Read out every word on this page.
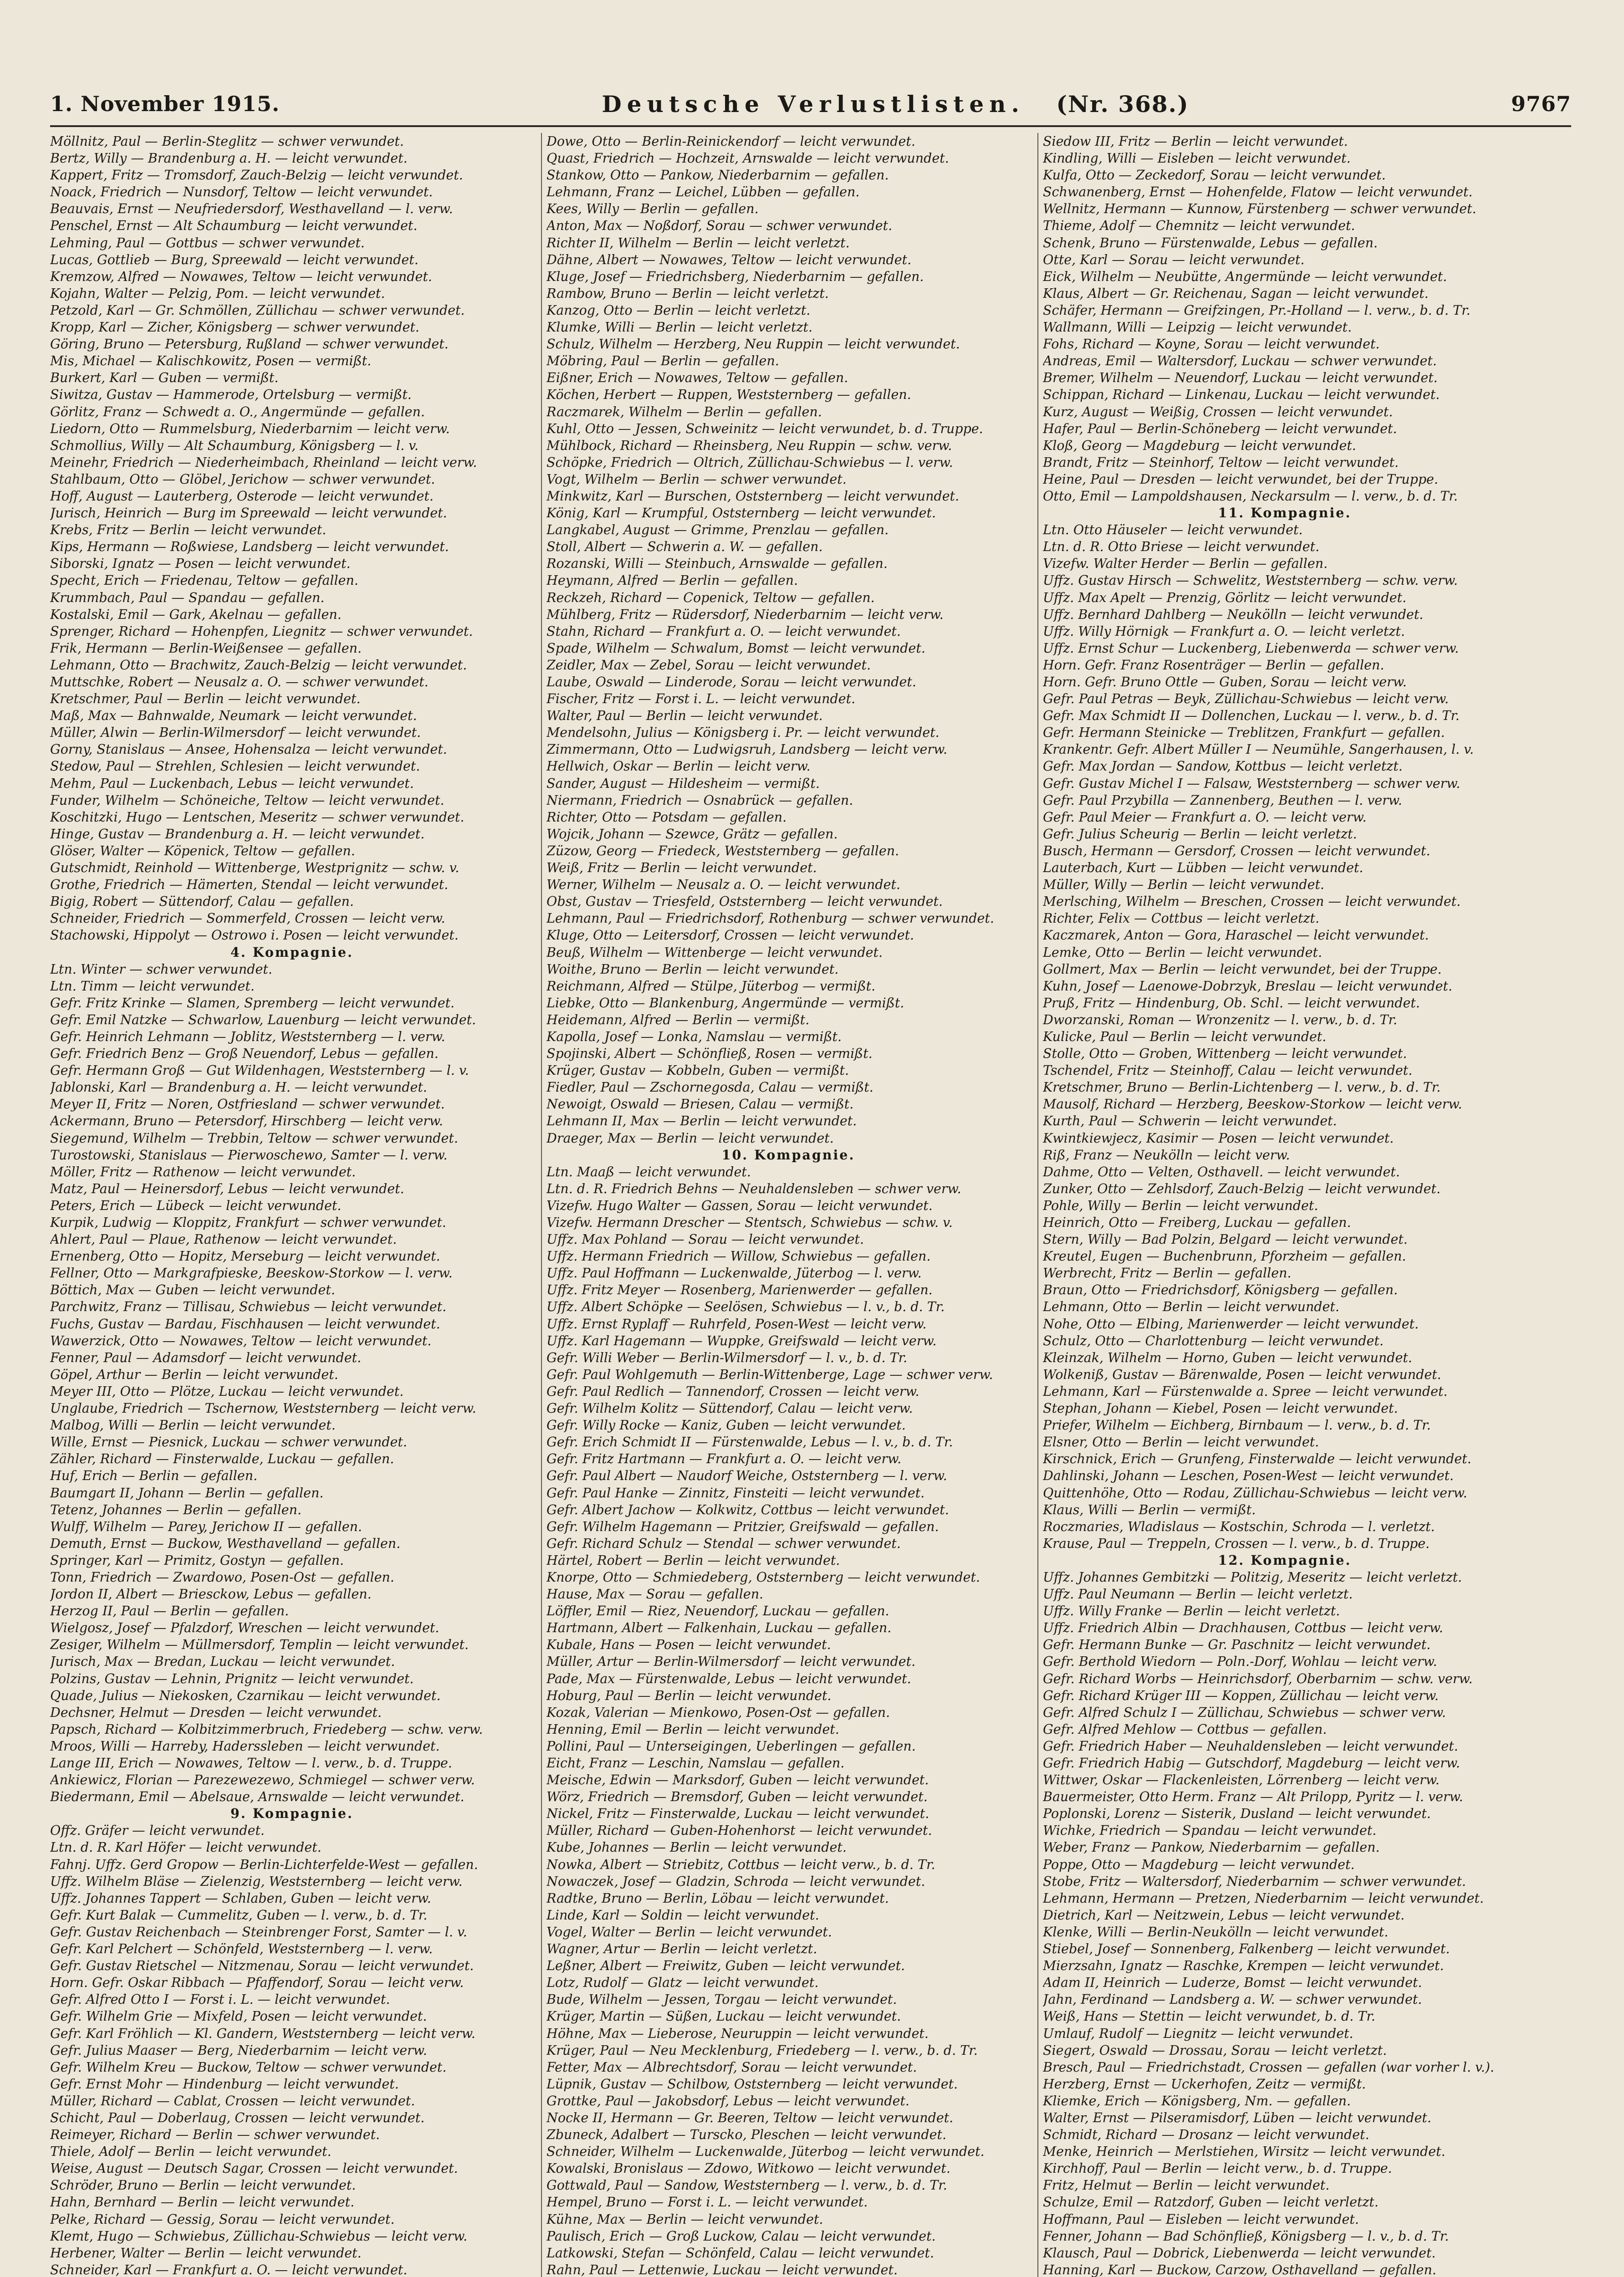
1. November 1915.	Deutsche Verlustlisten. (Nr. 368.)	9767
Möllnitz, Paul — Berlin-Steglitz — schwer verwundet.
Bertz, Willy — Brandenburg a. H. — leicht verwundet.
Kappert, Fritz — Tromsdorf, Zauch-Belzig — leicht verwundet.
Noack, Friedrich — Nunsdorf, Teltow — leicht verwundet.
Beauvais, Ernst — Neufriedersdorf, Westhavelland — l. verw.
Penschel, Ernst — Alt Schaumburg — leicht verwundet.
Lehming, Paul — Gottbus — schwer verwundet.
Lucas, Gottlieb — Burg, Spreewald — leicht verwundet.
Kremzow, Alfred — Nowawes, Teltow — leicht verwundet.
Kojahn, Walter — Pelzig, Pom. — leicht verwundet.
Petzold, Karl — Gr. Schmöllen, Züllichau — schwer verwundet.
Kropp, Karl — Zicher, Königsberg — schwer verwundet.
Göring, Bruno — Petersburg, Rußland — schwer verwundet.
Mis, Michael — Kalischkowitz, Posen — vermißt.
Burkert, Karl — Guben — vermißt.
Siwitza, Gustav — Hammerode, Ortelsburg — vermißt.
Görlitz, Franz — Schwedt a. O., Angermünde — gefallen.
Liedorn, Otto — Rummelsburg, Niederbarnim — leicht verw.
Schmollius, Willy — Alt Schaumburg, Königsberg — l. v.
Meinehr, Friedrich — Niederheimbach, Rheinland — leicht verw.
Stahlbaum, Otto — Glöbel, Jerichow — schwer verwundet.
Hoff, August — Lauterberg, Osterode — leicht verwundet.
Jurisch, Heinrich — Burg im Spreewald — leicht verwundet.
Krebs, Fritz — Berlin — leicht verwundet.
Kips, Hermann — Roßwiese, Landsberg — leicht verwundet.
Siborski, Ignatz — Posen — leicht verwundet.
Specht, Erich — Friedenau, Teltow — gefallen.
Krummbach, Paul — Spandau — gefallen.
Kostalski, Emil — Gark, Akelnau — gefallen.
Sprenger, Richard — Hohenpfen, Liegnitz — schwer verwundet.
Frik, Hermann — Berlin-Weißensee — gefallen.
Lehmann, Otto — Brachwitz, Zauch-Belzig — leicht verwundet.
Muttschke, Robert — Neusalz a. O. — schwer verwundet.
Kretschmer, Paul — Berlin — leicht verwundet.
Maß, Max — Bahnwalde, Neumark — leicht verwundet.
Müller, Alwin — Berlin-Wilmersdorf — leicht verwundet.
Gorny, Stanislaus — Ansee, Hohensalza — leicht verwundet.
Stedow, Paul — Strehlen, Schlesien — leicht verwundet.
Mehm, Paul — Luckenbach, Lebus — leicht verwundet.
Funder, Wilhelm — Schöneiche, Teltow — leicht verwundet.
Koschitzki, Hugo — Lentschen, Meseritz — schwer verwundet.
Hinge, Gustav — Brandenburg a. H. — leicht verwundet.
Glöser, Walter — Köpenick, Teltow — gefallen.
Gutschmidt, Reinhold — Wittenberge, Westprignitz — schw. v.
Grothe, Friedrich — Hämerten, Stendal — leicht verwundet.
Bigig, Robert — Süttendorf, Calau — gefallen.
Schneider, Friedrich — Sommerfeld, Crossen — leicht verw.
Stachowski, Hippolyt — Ostrowo i. Posen — leicht verwundet.
4. Kompagnie.
Ltn. Winter — schwer verwundet.
Ltn. Timm — leicht verwundet.
Gefr. Fritz Krinke — Slamen, Spremberg — leicht verwundet.
Gefr. Emil Natzke — Schwarlow, Lauenburg — leicht verwundet.
Gefr. Heinrich Lehmann — Joblitz, Weststernberg — l. verw.
Gefr. Friedrich Benz — Groß Neuendorf, Lebus — gefallen.
Gefr. Hermann Groß — Gut Wildenhagen, Weststernberg — l. v.
Jablonski, Karl — Brandenburg a. H. — leicht verwundet.
Meyer II, Fritz — Noren, Ostfriesland — schwer verwundet.
Ackermann, Bruno — Petersdorf, Hirschberg — leicht verw.
Siegemund, Wilhelm — Trebbin, Teltow — schwer verwundet.
Turostowski, Stanislaus — Pierwoschewo, Samter — l. verw.
Möller, Fritz — Rathenow — leicht verwundet.
Matz, Paul — Heinersdorf, Lebus — leicht verwundet.
Peters, Erich — Lübeck — leicht verwundet.
Kurpik, Ludwig — Kloppitz, Frankfurt — schwer verwundet.
Ahlert, Paul — Plaue, Rathenow — leicht verwundet.
Ernenberg, Otto — Hopitz, Merseburg — leicht verwundet.
Fellner, Otto — Markgrafpieske, Beeskow-Storkow — l. verw.
Böttich, Max — Guben — leicht verwundet.
Parchwitz, Franz — Tillisau, Schwiebus — leicht verwundet.
Fuchs, Gustav — Bardau, Fischhausen — leicht verwundet.
Wawerzick, Otto — Nowawes, Teltow — leicht verwundet.
Fenner, Paul — Adamsdorf — leicht verwundet.
Göpel, Arthur — Berlin — leicht verwundet.
Meyer III, Otto — Plötze, Luckau — leicht verwundet.
Unglaube, Friedrich — Tschernow, Weststernberg — leicht verw.
Malbog, Willi — Berlin — leicht verwundet.
Wille, Ernst — Piesnick, Luckau — schwer verwundet.
Zähler, Richard — Finsterwalde, Luckau — gefallen.
Huf, Erich — Berlin — gefallen.
Baumgart II, Johann — Berlin — gefallen.
Tetenz, Johannes — Berlin — gefallen.
Wulff, Wilhelm — Parey, Jerichow II — gefallen.
Demuth, Ernst — Buckow, Westhavelland — gefallen.
Springer, Karl — Primitz, Gostyn — gefallen.
Tonn, Friedrich — Zwardowo, Posen-Ost — gefallen.
Jordon II, Albert — Briesckow, Lebus — gefallen.
Herzog II, Paul — Berlin — gefallen.
Wielgosz, Josef — Pfalzdorf, Wreschen — leicht verwundet.
Zesiger, Wilhelm — Müllmersdorf, Templin — leicht verwundet.
Jurisch, Max — Bredan, Luckau — leicht verwundet.
Polzins, Gustav — Lehnin, Prignitz — leicht verwundet.
Quade, Julius — Niekosken, Czarnikau — leicht verwundet.
Dechsner, Helmut — Dresden — leicht verwundet.
Papsch, Richard — Kolbitzimmerbruch, Friedeberg — schw. verw.
Mroos, Willi — Harreby, Haderssleben — leicht verwundet.
Lange III, Erich — Nowawes, Teltow — l. verw., b. d. Truppe.
Ankiewicz, Florian — Parezewezewo, Schmiegel — schwer verw.
Biedermann, Emil — Abelsaue, Arnswalde — leicht verwundet.
9. Kompagnie.
Offz. Gräfer — leicht verwundet.
Ltn. d. R. Karl Höfer — leicht verwundet.
Fahnj. Uffz. Gerd Gropow — Berlin-Lichterfelde-West — gefallen.
Uffz. Wilhelm Bläse — Zielenzig, Weststernberg — leicht verw.
Uffz. Johannes Tappert — Schlaben, Guben — leicht verw.
Gefr. Kurt Balak — Cummelitz, Guben — l. verw., b. d. Tr.
Gefr. Gustav Reichenbach — Steinbrenger Forst, Samter — l. v.
Gefr. Karl Pelchert — Schönfeld, Weststernberg — l. verw.
Gefr. Gustav Rietschel — Nitzmenau, Sorau — leicht verwundet.
Horn. Gefr. Oskar Ribbach — Pfaffendorf, Sorau — leicht verw.
Gefr. Alfred Otto I — Forst i. L. — leicht verwundet.
Gefr. Wilhelm Grie — Mixfeld, Posen — leicht verwundet.
Gefr. Karl Fröhlich — Kl. Gandern, Weststernberg — leicht verw.
Gefr. Julius Maaser — Berg, Niederbarnim — leicht verw.
Gefr. Wilhelm Kreu — Buckow, Teltow — schwer verwundet.
Gefr. Ernst Mohr — Hindenburg — leicht verwundet.
Müller, Richard — Cablat, Crossen — leicht verwundet.
Schicht, Paul — Doberlaug, Crossen — leicht verwundet.
Reimeyer, Richard — Berlin — schwer verwundet.
Thiele, Adolf — Berlin — leicht verwundet.
Weise, August — Deutsch Sagar, Crossen — leicht verwundet.
Schröder, Bruno — Berlin — leicht verwundet.
Hahn, Bernhard — Berlin — leicht verwundet.
Pelke, Richard — Gessig, Sorau — leicht verwundet.
Klemt, Hugo — Schwiebus, Züllichau-Schwiebus — leicht verw.
Herbener, Walter — Berlin — leicht verwundet.
Schneider, Karl — Frankfurt a. O. — leicht verwundet.
Dowe, Otto — Berlin-Reinickendorf — leicht verwundet.
Quast, Friedrich — Hochzeit, Arnswalde — leicht verwundet.
Stankow, Otto — Pankow, Niederbarnim — gefallen.
Lehmann, Franz — Leichel, Lübben — gefallen.
Kees, Willy — Berlin — gefallen.
Anton, Max — Noßdorf, Sorau — schwer verwundet.
Richter II, Wilhelm — Berlin — leicht verletzt.
Dähne, Albert — Nowawes, Teltow — leicht verwundet.
Kluge, Josef — Friedrichsberg, Niederbarnim — gefallen.
Rambow, Bruno — Berlin — leicht verletzt.
Kanzog, Otto — Berlin — leicht verletzt.
Klumke, Willi — Berlin — leicht verletzt.
Schulz, Wilhelm — Herzberg, Neu Ruppin — leicht verwundet.
Möbring, Paul — Berlin — gefallen.
Eißner, Erich — Nowawes, Teltow — gefallen.
Köchen, Herbert — Ruppen, Weststernberg — gefallen.
Raczmarek, Wilhelm — Berlin — gefallen.
Kuhl, Otto — Jessen, Schweinitz — leicht verwundet, b. d. Truppe.
Mühlbock, Richard — Rheinsberg, Neu Ruppin — schw. verw.
Schöpke, Friedrich — Oltrich, Züllichau-Schwiebus — l. verw.
Vogt, Wilhelm — Berlin — schwer verwundet.
Minkwitz, Karl — Burschen, Oststernberg — leicht verwundet.
König, Karl — Krumpful, Oststernberg — leicht verwundet.
Langkabel, August — Grimme, Prenzlau — gefallen.
Stoll, Albert — Schwerin a. W. — gefallen.
Rozanski, Willi — Steinbuch, Arnswalde — gefallen.
Heymann, Alfred — Berlin — gefallen.
Reckzeh, Richard — Copenick, Teltow — gefallen.
Mühlberg, Fritz — Rüdersdorf, Niederbarnim — leicht verw.
Stahn, Richard — Frankfurt a. O. — leicht verwundet.
Spade, Wilhelm — Schwalum, Bomst — leicht verwundet.
Zeidler, Max — Zebel, Sorau — leicht verwundet.
Laube, Oswald — Linderode, Sorau — leicht verwundet.
Fischer, Fritz — Forst i. L. — leicht verwundet.
Walter, Paul — Berlin — leicht verwundet.
Mendelsohn, Julius — Königsberg i. Pr. — leicht verwundet.
Zimmermann, Otto — Ludwigsruh, Landsberg — leicht verw.
Hellwich, Oskar — Berlin — leicht verw.
Sander, August — Hildesheim — vermißt.
Niermann, Friedrich — Osnabrück — gefallen.
Richter, Otto — Potsdam — gefallen.
Wojcik, Johann — Szewce, Grätz — gefallen.
Züzow, Georg — Friedeck, Weststernberg — gefallen.
Weiß, Fritz — Berlin — leicht verwundet.
Werner, Wilhelm — Neusalz a. O. — leicht verwundet.
Obst, Gustav — Triesfeld, Oststernberg — leicht verwundet.
Lehmann, Paul — Friedrichsdorf, Rothenburg — schwer verwundet.
Kluge, Otto — Leitersdorf, Crossen — leicht verwundet.
Beuß, Wilhelm — Wittenberge — leicht verwundet.
Woithe, Bruno — Berlin — leicht verwundet.
Reichmann, Alfred — Stülpe, Jüterbog — vermißt.
Liebke, Otto — Blankenburg, Angermünde — vermißt.
Heidemann, Alfred — Berlin — vermißt.
Kapolla, Josef — Lonka, Namslau — vermißt.
Spojinski, Albert — Schönfließ, Rosen — vermißt.
Krüger, Gustav — Kobbeln, Guben — vermißt.
Fiedler, Paul — Zschornegosda, Calau — vermißt.
Newoigt, Oswald — Briesen, Calau — vermißt.
Lehmann II, Max — Berlin — leicht verwundet.
Draeger, Max — Berlin — leicht verwundet.
10. Kompagnie.
Ltn. Maaß — leicht verwundet.
Ltn. d. R. Friedrich Behns — Neuhaldensleben — schwer verw.
Vizefw. Hugo Walter — Gassen, Sorau — leicht verwundet.
Vizefw. Hermann Drescher — Stentsch, Schwiebus — schw. v.
Uffz. Max Pohland — Sorau — leicht verwundet.
Uffz. Hermann Friedrich — Willow, Schwiebus — gefallen.
Uffz. Paul Hoffmann — Luckenwalde, Jüterbog — l. verw.
Uffz. Fritz Meyer — Rosenberg, Marienwerder — gefallen.
Uffz. Albert Schöpke — Seelösen, Schwiebus — l. v., b. d. Tr.
Uffz. Ernst Ryplaff — Ruhrfeld, Posen-West — leicht verw.
Uffz. Karl Hagemann — Wuppke, Greifswald — leicht verw.
Gefr. Willi Weber — Berlin-Wilmersdorf — l. v., b. d. Tr.
Gefr. Paul Wohlgemuth — Berlin-Wittenberge, Lage — schwer verw.
Gefr. Paul Redlich — Tannendorf, Crossen — leicht verw.
Gefr. Wilhelm Kolitz — Süttendorf, Calau — leicht verw.
Gefr. Willy Rocke — Kaniz, Guben — leicht verwundet.
Gefr. Erich Schmidt II — Fürstenwalde, Lebus — l. v., b. d. Tr.
Gefr. Fritz Hartmann — Frankfurt a. O. — leicht verw.
Gefr. Paul Albert — Naudorf Weiche, Oststernberg — l. verw.
Gefr. Paul Hanke — Zinnitz, Finsteiti — leicht verwundet.
Gefr. Albert Jachow — Kolkwitz, Cottbus — leicht verwundet.
Gefr. Wilhelm Hagemann — Pritzier, Greifswald — gefallen.
Gefr. Richard Schulz — Stendal — schwer verwundet.
Härtel, Robert — Berlin — leicht verwundet.
Knorpe, Otto — Schmiedeberg, Oststernberg — leicht verwundet.
Hause, Max — Sorau — gefallen.
Löffler, Emil — Riez, Neuendorf, Luckau — gefallen.
Hartmann, Albert — Falkenhain, Luckau — gefallen.
Kubale, Hans — Posen — leicht verwundet.
Müller, Artur — Berlin-Wilmersdorf — leicht verwundet.
Pade, Max — Fürstenwalde, Lebus — leicht verwundet.
Hoburg, Paul — Berlin — leicht verwundet.
Kozak, Valerian — Mienkowo, Posen-Ost — gefallen.
Henning, Emil — Berlin — leicht verwundet.
Pollini, Paul — Unterseigingen, Ueberlingen — gefallen.
Eicht, Franz — Leschin, Namslau — gefallen.
Meische, Edwin — Marksdorf, Guben — leicht verwundet.
Wörz, Friedrich — Bremsdorf, Guben — leicht verwundet.
Nickel, Fritz — Finsterwalde, Luckau — leicht verwundet.
Müller, Richard — Guben-Hohenhorst — leicht verwundet.
Kube, Johannes — Berlin — leicht verwundet.
Nowka, Albert — Striebitz, Cottbus — leicht verw., b. d. Tr.
Nowaczek, Josef — Gladzin, Schroda — leicht verwundet.
Radtke, Bruno — Berlin, Löbau — leicht verwundet.
Linde, Karl — Soldin — leicht verwundet.
Vogel, Walter — Berlin — leicht verwundet.
Wagner, Artur — Berlin — leicht verletzt.
Leßner, Albert — Freiwitz, Guben — leicht verwundet.
Lotz, Rudolf — Glatz — leicht verwundet.
Bude, Wilhelm — Jessen, Torgau — leicht verwundet.
Krüger, Martin — Süßen, Luckau — leicht verwundet.
Höhne, Max — Lieberose, Neuruppin — leicht verwundet.
Krüger, Paul — Neu Mecklenburg, Friedeberg — l. verw., b. d. Tr.
Fetter, Max — Albrechtsdorf, Sorau — leicht verwundet.
Lüpnik, Gustav — Schilbow, Oststernberg — leicht verwundet.
Grottke, Paul — Jakobsdorf, Lebus — leicht verwundet.
Nocke II, Hermann — Gr. Beeren, Teltow — leicht verwundet.
Zbuneck, Adalbert — Turscko, Pleschen — leicht verwundet.
Schneider, Wilhelm — Luckenwalde, Jüterbog — leicht verwundet.
Kowalski, Bronislaus — Zdowo, Witkowo — leicht verwundet.
Gottwald, Paul — Sandow, Weststernberg — l. verw., b. d. Tr.
Hempel, Bruno — Forst i. L. — leicht verwundet.
Kühne, Max — Berlin — leicht verwundet.
Paulisch, Erich — Groß Luckow, Calau — leicht verwundet.
Latkowski, Stefan — Schönfeld, Calau — leicht verwundet.
Rahn, Paul — Lettenwie, Luckau — leicht verwundet.
Siedow III, Fritz — Berlin — leicht verwundet.
Kindling, Willi — Eisleben — leicht verwundet.
Kulfa, Otto — Zeckedorf, Sorau — leicht verwundet.
Schwanenberg, Ernst — Hohenfelde, Flatow — leicht verwundet.
Wellnitz, Hermann — Kunnow, Fürstenberg — schwer verwundet.
Thieme, Adolf — Chemnitz — leicht verwundet.
Schenk, Bruno — Fürstenwalde, Lebus — gefallen.
Otte, Karl — Sorau — leicht verwundet.
Eick, Wilhelm — Neubütte, Angermünde — leicht verwundet.
Klaus, Albert — Gr. Reichenau, Sagan — leicht verwundet.
Schäfer, Hermann — Greifzingen, Pr.-Holland — l. verw., b. d. Tr.
Wallmann, Willi — Leipzig — leicht verwundet.
Fohs, Richard — Koyne, Sorau — leicht verwundet.
Andreas, Emil — Waltersdorf, Luckau — schwer verwundet.
Bremer, Wilhelm — Neuendorf, Luckau — leicht verwundet.
Schippan, Richard — Linkenau, Luckau — leicht verwundet.
Kurz, August — Weißig, Crossen — leicht verwundet.
Hafer, Paul — Berlin-Schöneberg — leicht verwundet.
Kloß, Georg — Magdeburg — leicht verwundet.
Brandt, Fritz — Steinhorf, Teltow — leicht verwundet.
Heine, Paul — Dresden — leicht verwundet, bei der Truppe.
Otto, Emil — Lampoldshausen, Neckarsulm — l. verw., b. d. Tr.
11. Kompagnie.
Ltn. Otto Häuseler — leicht verwundet.
Ltn. d. R. Otto Briese — leicht verwundet.
Vizefw. Walter Herder — Berlin — gefallen.
Uffz. Gustav Hirsch — Schwelitz, Weststernberg — schw. verw.
Uffz. Max Apelt — Prenzig, Görlitz — leicht verwundet.
Uffz. Bernhard Dahlberg — Neukölln — leicht verwundet.
Uffz. Willy Hörnigk — Frankfurt a. O. — leicht verletzt.
Uffz. Ernst Schur — Luckenberg, Liebenwerda — schwer verw.
Horn. Gefr. Franz Rosenträger — Berlin — gefallen.
Horn. Gefr. Bruno Ottle — Guben, Sorau — leicht verw.
Gefr. Paul Petras — Beyk, Züllichau-Schwiebus — leicht verw.
Gefr. Max Schmidt II — Dollenchen, Luckau — l. verw., b. d. Tr.
Gefr. Hermann Steinicke — Treblitzen, Frankfurt — gefallen.
Krankentr. Gefr. Albert Müller I — Neumühle, Sangerhausen, l. v.
Gefr. Max Jordan — Sandow, Kottbus — leicht verletzt.
Gefr. Gustav Michel I — Falsaw, Weststernberg — schwer verw.
Gefr. Paul Przybilla — Zannenberg, Beuthen — l. verw.
Gefr. Paul Meier — Frankfurt a. O. — leicht verw.
Gefr. Julius Scheurig — Berlin — leicht verletzt.
Busch, Hermann — Gersdorf, Crossen — leicht verwundet.
Lauterbach, Kurt — Lübben — leicht verwundet.
Müller, Willy — Berlin — leicht verwundet.
Merlsching, Wilhelm — Breschen, Crossen — leicht verwundet.
Richter, Felix — Cottbus — leicht verletzt.
Kaczmarek, Anton — Gora, Haraschel — leicht verwundet.
Lemke, Otto — Berlin — leicht verwundet.
Gollmert, Max — Berlin — leicht verwundet, bei der Truppe.
Kuhn, Josef — Laenowe-Dobrzyk, Breslau — leicht verwundet.
Pruß, Fritz — Hindenburg, Ob. Schl. — leicht verwundet.
Dworzanski, Roman — Wronzenitz — l. verw., b. d. Tr.
Kulicke, Paul — Berlin — leicht verwundet.
Stolle, Otto — Groben, Wittenberg — leicht verwundet.
Tschendel, Fritz — Steinhoff, Calau — leicht verwundet.
Kretschmer, Bruno — Berlin-Lichtenberg — l. verw., b. d. Tr.
Mausolf, Richard — Herzberg, Beeskow-Storkow — leicht verw.
Kurth, Paul — Schwerin — leicht verwundet.
Kwintkiewjecz, Kasimir — Posen — leicht verwundet.
Riß, Franz — Neukölln — leicht verw.
Dahme, Otto — Velten, Osthavell. — leicht verwundet.
Zunker, Otto — Zehlsdorf, Zauch-Belzig — leicht verwundet.
Pohle, Willy — Berlin — leicht verwundet.
Heinrich, Otto — Freiberg, Luckau — gefallen.
Stern, Willy — Bad Polzin, Belgard — leicht verwundet.
Kreutel, Eugen — Buchenbrunn, Pforzheim — gefallen.
Werbrecht, Fritz — Berlin — gefallen.
Braun, Otto — Friedrichsdorf, Königsberg — gefallen.
Lehmann, Otto — Berlin — leicht verwundet.
Nohe, Otto — Elbing, Marienwerder — leicht verwundet.
Schulz, Otto — Charlottenburg — leicht verwundet.
Kleinzak, Wilhelm — Horno, Guben — leicht verwundet.
Wolkeniß, Gustav — Bärenwalde, Posen — leicht verwundet.
Lehmann, Karl — Fürstenwalde a. Spree — leicht verwundet.
Stephan, Johann — Kiebel, Posen — leicht verwundet.
Priefer, Wilhelm — Eichberg, Birnbaum — l. verw., b. d. Tr.
Elsner, Otto — Berlin — leicht verwundet.
Kirschnick, Erich — Grunfeng, Finsterwalde — leicht verwundet.
Dahlinski, Johann — Leschen, Posen-West — leicht verwundet.
Quittenhöhe, Otto — Rodau, Züllichau-Schwiebus — leicht verw.
Klaus, Willi — Berlin — vermißt.
Roczmaries, Wladislaus — Kostschin, Schroda — l. verletzt.
Krause, Paul — Treppeln, Crossen — l. verw., b. d. Truppe.
12. Kompagnie.
Uffz. Johannes Gembitzki — Politzig, Meseritz — leicht verletzt.
Uffz. Paul Neumann — Berlin — leicht verletzt.
Uffz. Willy Franke — Berlin — leicht verletzt.
Uffz. Friedrich Albin — Drachhausen, Cottbus — leicht verw.
Gefr. Hermann Bunke — Gr. Paschnitz — leicht verwundet.
Gefr. Berthold Wiedorn — Poln.-Dorf, Wohlau — leicht verw.
Gefr. Richard Worbs — Heinrichsdorf, Oberbarnim — schw. verw.
Gefr. Richard Krüger III — Koppen, Züllichau — leicht verw.
Gefr. Alfred Schulz I — Züllichau, Schwiebus — schwer verw.
Gefr. Alfred Mehlow — Cottbus — gefallen.
Gefr. Friedrich Haber — Neuhaldensleben — leicht verwundet.
Gefr. Friedrich Habig — Gutschdorf, Magdeburg — leicht verw.
Wittwer, Oskar — Flackenleisten, Lörrenberg — leicht verw.
Bauermeister, Otto Herm. Franz — Alt Prilopp, Pyritz — l. verw.
Poplonski, Lorenz — Sisterik, Dusland — leicht verwundet.
Wichke, Friedrich — Spandau — leicht verwundet.
Weber, Franz — Pankow, Niederbarnim — gefallen.
Poppe, Otto — Magdeburg — leicht verwundet.
Stobe, Fritz — Waltersdorf, Niederbarnim — schwer verwundet.
Lehmann, Hermann — Pretzen, Niederbarnim — leicht verwundet.
Dietrich, Karl — Neitzwein, Lebus — leicht verwundet.
Klenke, Willi — Berlin-Neukölln — leicht verwundet.
Stiebel, Josef — Sonnenberg, Falkenberg — leicht verwundet.
Mierzsahn, Ignatz — Raschke, Krempen — leicht verwundet.
Adam II, Heinrich — Luderze, Bomst — leicht verwundet.
Jahn, Ferdinand — Landsberg a. W. — schwer verwundet.
Weiß, Hans — Stettin — leicht verwundet, b. d. Tr.
Umlauf, Rudolf — Liegnitz — leicht verwundet.
Siegert, Oswald — Drossau, Sorau — leicht verletzt.
Bresch, Paul — Friedrichstadt, Crossen — gefallen (war vorher l. v.).
Herzberg, Ernst — Uckerhofen, Zeitz — vermißt.
Kliemke, Erich — Königsberg, Nm. — gefallen.
Walter, Ernst — Pilseramisdorf, Lüben — leicht verwundet.
Schmidt, Richard — Drosanz — leicht verwundet.
Menke, Heinrich — Merlstiehen, Wirsitz — leicht verwundet.
Kirchhoff, Paul — Berlin — leicht verw., b. d. Truppe.
Fritz, Helmut — Berlin — leicht verwundet.
Schulze, Emil — Ratzdorf, Guben — leicht verletzt.
Hoffmann, Paul — Eisleben — leicht verwundet.
Fenner, Johann — Bad Schönfließ, Königsberg — l. v., b. d. Tr.
Klausch, Paul — Dobrick, Liebenwerda — leicht verwundet.
Hanning, Karl — Buckow, Carzow, Osthavelland — gefallen.
